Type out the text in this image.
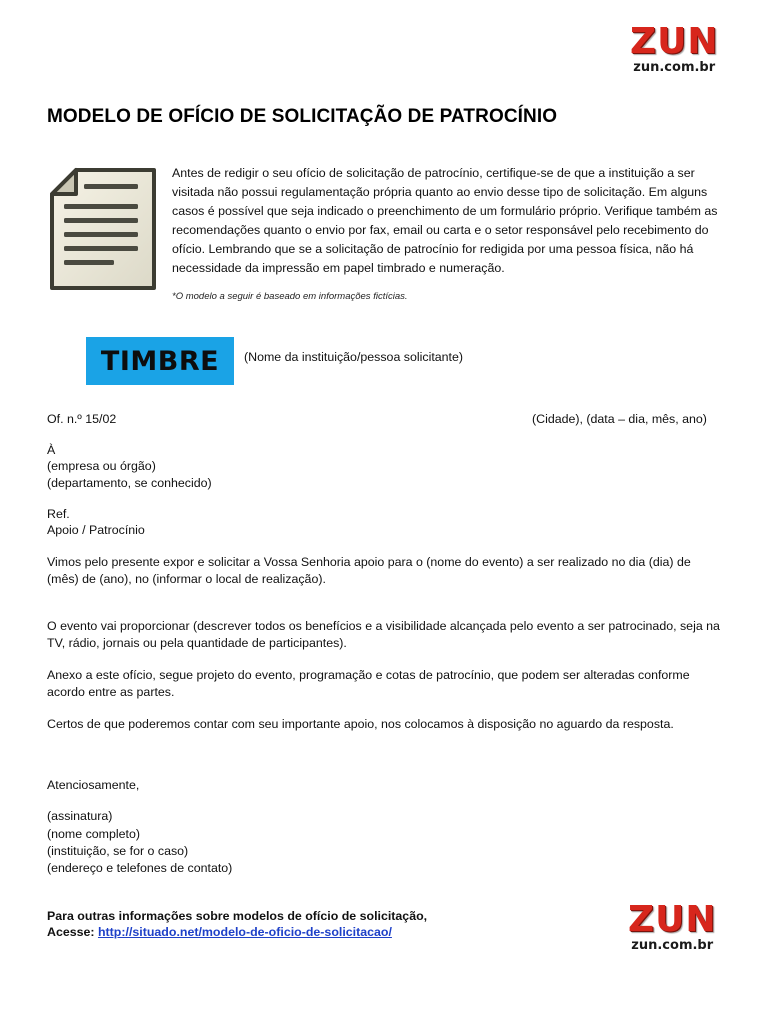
ZUN
zun.com.br
MODELO DE OFÍCIO DE SOLICITAÇÃO DE PATROCÍNIO

Antes de redigir o seu ofício de solicitação de patrocínio, certifique-se de que a instituição a ser visitada não possui regulamentação própria quanto ao envio desse tipo de solicitação. Em alguns casos é possível que seja indicado o preenchimento de um formulário próprio. Verifique também as recomendações quanto o envio por fax, email ou carta e o setor responsável pelo recebimento do ofício. Lembrando que se a solicitação de patrocínio for redigida por uma pessoa física, não há necessidade da impressão em papel timbrado e numeração.

*O modelo a seguir é baseado em informações fictícias.

TIMBRE	(Nome da instituição/pessoa solicitante)
Of. n.º 15/02	(Cidade), (data – dia, mês, ano)
À
(empresa ou órgão)
(departamento, se conhecido)
Ref.
Apoio / Patrocínio

Vimos pelo presente expor e solicitar a Vossa Senhoria apoio para o (nome do evento) a ser realizado no dia (dia) de (mês) de (ano), no (informar o local de realização).

O evento vai proporcionar (descrever todos os benefícios e a visibilidade alcançada pelo evento a ser patrocinado, seja na TV, rádio, jornais ou pela quantidade de participantes).

Anexo a este ofício, segue projeto do evento, programação e cotas de patrocínio, que podem ser alteradas conforme acordo entre as partes.

Certos de que poderemos contar com seu importante apoio, nos colocamos à disposição no aguardo da resposta.

Atenciosamente,
(assinatura)
(nome completo)
(instituição, se for o caso)
(endereço e telefones de contato)
Para outras informações sobre modelos de ofício de solicitação,
Acesse: http://situado.net/modelo-de-oficio-de-solicitacao/	ZUN
zun.com.br
